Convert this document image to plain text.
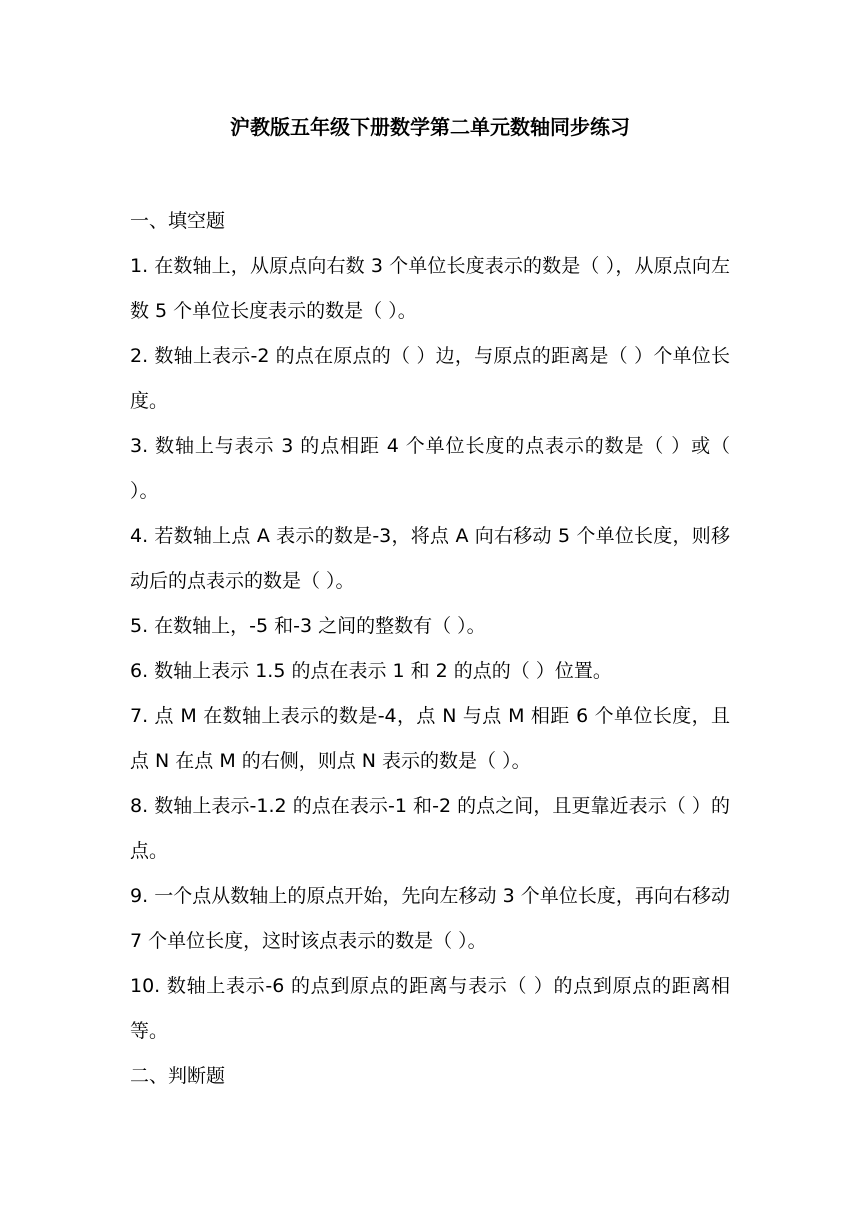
沪教版五年级下册数学第二单元数轴同步练习
一、填空题
1. 在数轴上，从原点向右数 3 个单位长度表示的数是（ ），从原点向左数 5 个单位长度表示的数是（ ）。
2. 数轴上表示-2 的点在原点的（ ）边，与原点的距离是（ ）个单位长度。
3. 数轴上与表示 3 的点相距 4 个单位长度的点表示的数是（ ）或（ ）。
4. 若数轴上点 A 表示的数是-3，将点 A 向右移动 5 个单位长度，则移动后的点表示的数是（ ）。
5. 在数轴上，-5 和-3 之间的整数有（ ）。
6. 数轴上表示 1.5 的点在表示 1 和 2 的点的（ ）位置。
7. 点 M 在数轴上表示的数是-4，点 N 与点 M 相距 6 个单位长度，且点 N 在点 M 的右侧，则点 N 表示的数是（ ）。
8. 数轴上表示-1.2 的点在表示-1 和-2 的点之间，且更靠近表示（ ）的点。
9. 一个点从数轴上的原点开始，先向左移动 3 个单位长度，再向右移动 7 个单位长度，这时该点表示的数是（ ）。
10. 数轴上表示-6 的点到原点的距离与表示（ ）的点到原点的距离相等。
二、判断题
